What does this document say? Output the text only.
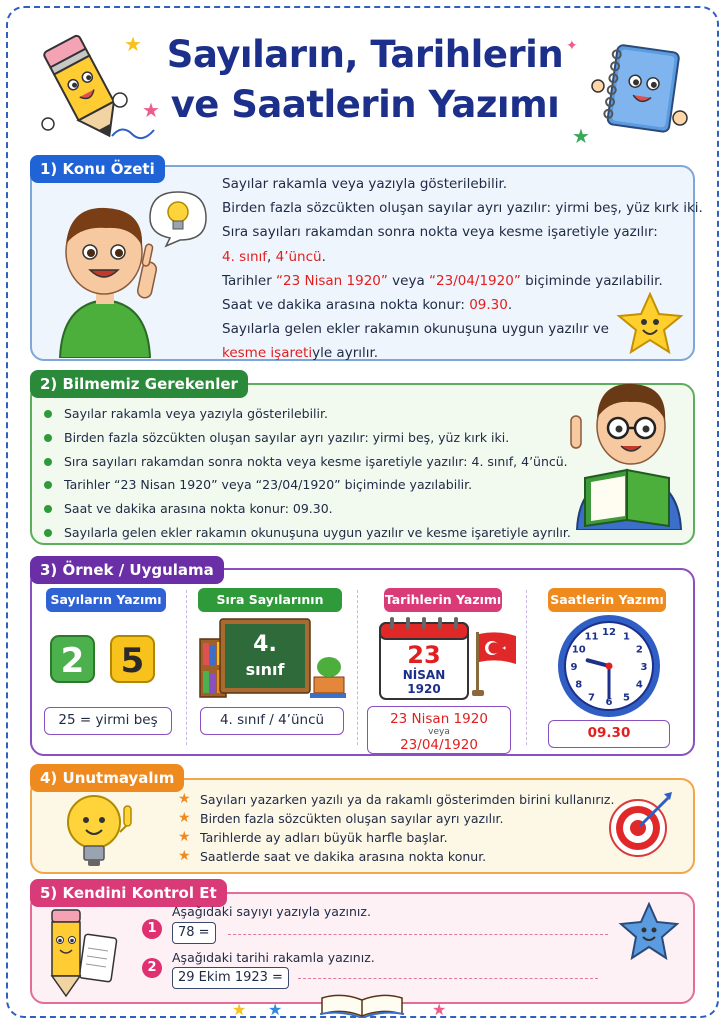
★
★
✦
★
Sayıların, Tarihlerin
ve Saatlerin Yazımı
1) Konu Özeti

Sayılar rakamla veya yazıyla gösterilebilir.

Birden fazla sözcükten oluşan sayılar ayrı yazılır: yirmi beş, yüz kırk iki.

Sıra sayıları rakamdan sonra nokta veya kesme işaretiyle yazılır:

4. sınıf, 4’üncü.

Tarihler “23 Nisan 1920” veya “23/04/1920” biçiminde yazılabilir.

Saat ve dakika arasına nokta konur: 09.30.

Sayılarla gelen ekler rakamın okunuşuna uygun yazılır ve

kesme işaretiyle ayrılır.

2) Bilmemiz Gerekenler
Sayılar rakamla veya yazıyla gösterilebilir.
Birden fazla sözcükten oluşan sayılar ayrı yazılır: yirmi beş, yüz kırk iki.
Sıra sayıları rakamdan sonra nokta veya kesme işaretiyle yazılır: 4. sınıf, 4’üncü.
Tarihler “23 Nisan 1920” veya “23/04/1920” biçiminde yazılabilir.
Saat ve dakika arasına nokta konur: 09.30.
Sayılarla gelen ekler rakamın okunuşuna uygun yazılır ve kesme işaretiyle ayrılır.
3) Örnek / Uygulama
Sayıların Yazımı
2	5
25 = yirmi beş
Sıra Sayılarının
4.
sınıf
4. sınıf / 4’üncü
Tarihlerin Yazımı
23
NİSAN
1920
23 Nisan 1920
veya
23/04/1920
Saatlerin Yazımı
12 1
2
3
4
5
6
7
8
9
10
11
09.30
4) Unutmayalım
★ Sayıları yazarken yazılı ya da rakamlı gösterimden birini kullanırız.
★ Birden fazla sözcükten oluşan sayılar ayrı yazılır.
★ Tarihlerde ay adları büyük harfle başlar.
★ Saatlerde saat ve dakika arasına nokta konur.
5) Kendini Kontrol Et
1
Aşağıdaki sayıyı yazıyla yazınız.
78 =
2
Aşağıdaki tarihi rakamla yazınız.
29 Ekim 1923 =
★ ★	★
